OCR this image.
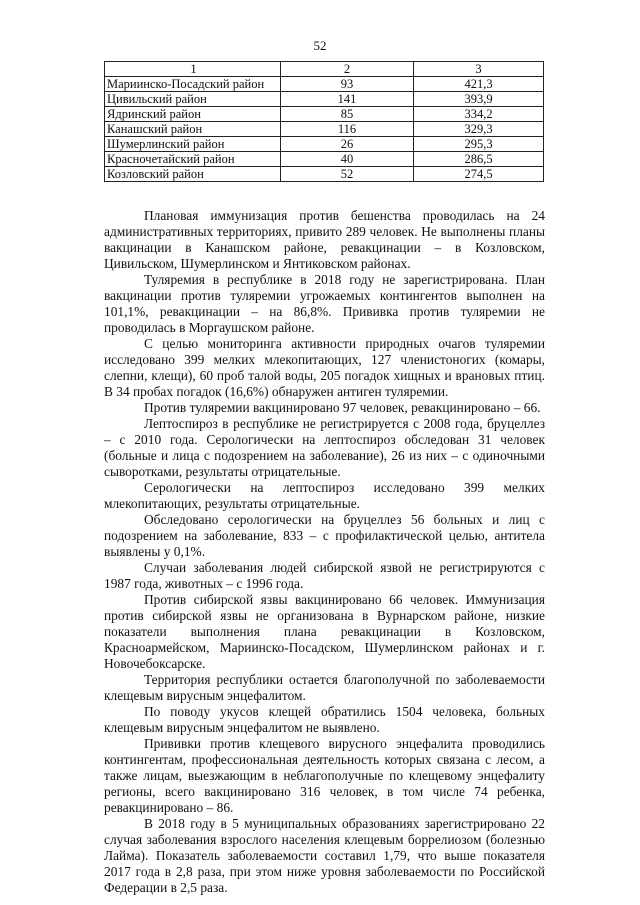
52
1	2	3
Мариинско-Посадский район	93	421,3
Цивильский район	141	393,9
Ядринский район	85	334,2
Канашский район	116	329,3
Шумерлинский район	26	295,3
Красночетайский район	40	286,5
Козловский район	52	274,5

Плановая иммунизация против бешенства проводилась на 24 административных территориях, привито 289 человек. Не выполнены планы вакцинации в Канашском районе, ревакцинации – в Козловском, Цивильском, Шумерлинском и Янтиковском районах.

Туляремия в республике в 2018 году не зарегистрирована. План вакцинации против туляремии угрожаемых контингентов выполнен на 101,1%, ревакцинации – на 86,8%. Прививка против туляремии не проводилась в Моргаушском районе.

С целью мониторинга активности природных очагов туляремии исследовано 399 мелких млекопитающих, 127 членистоногих (комары, слепни, клещи), 60 проб талой воды, 205 погадок хищных и врановых птиц. В 34 пробах погадок (16,6%) обнаружен антиген туляремии.

Против туляремии вакцинировано 97 человек, ревакцинировано – 66.

Лептоспироз в республике не регистрируется с 2008 года, бруцеллез – с 2010 года. Серологически на лептоспироз обследован 31 человек (больные и лица с подозрением на заболевание), 26 из них – с одиночными сыворотками, результаты отрицательные.

Серологически на лептоспироз исследовано 399 мелких млекопитающих, результаты отрицательные.

Обследовано серологически на бруцеллез 56 больных и лиц с подозрением на заболевание, 833 – с профилактической целью, антитела выявлены у 0,1%.

Случаи заболевания людей сибирской язвой не регистрируются с 1987 года, животных – с 1996 года.

Против сибирской язвы вакцинировано 66 человек. Иммунизация против сибирской язвы не организована в Вурнарском районе, низкие показатели выполнения плана ревакцинации в Козловском, Красноармейском, Мариинско-Посадском, Шумерлинском районах и г. Новочебоксарске.

Территория республики остается благополучной по заболеваемости клещевым вирусным энцефалитом.

По поводу укусов клещей обратились 1504 человека, больных клещевым вирусным энцефалитом не выявлено.

Прививки против клещевого вирусного энцефалита проводились контингентам, профессиональная деятельность которых связана с лесом, а также лицам, выезжающим в неблагополучные по клещевому энцефалиту регионы, всего вакцинировано 316 человек, в том числе 74 ребенка, ревакцинировано – 86.

В 2018 году в 5 муниципальных образованиях зарегистрировано 22 случая заболевания взрослого населения клещевым боррелиозом (болезнью Лайма). Показатель заболеваемости составил 1,79, что выше показателя 2017 года в 2,8 раза, при этом ниже уровня заболеваемости по Российской Федерации в 2,5 раза.
